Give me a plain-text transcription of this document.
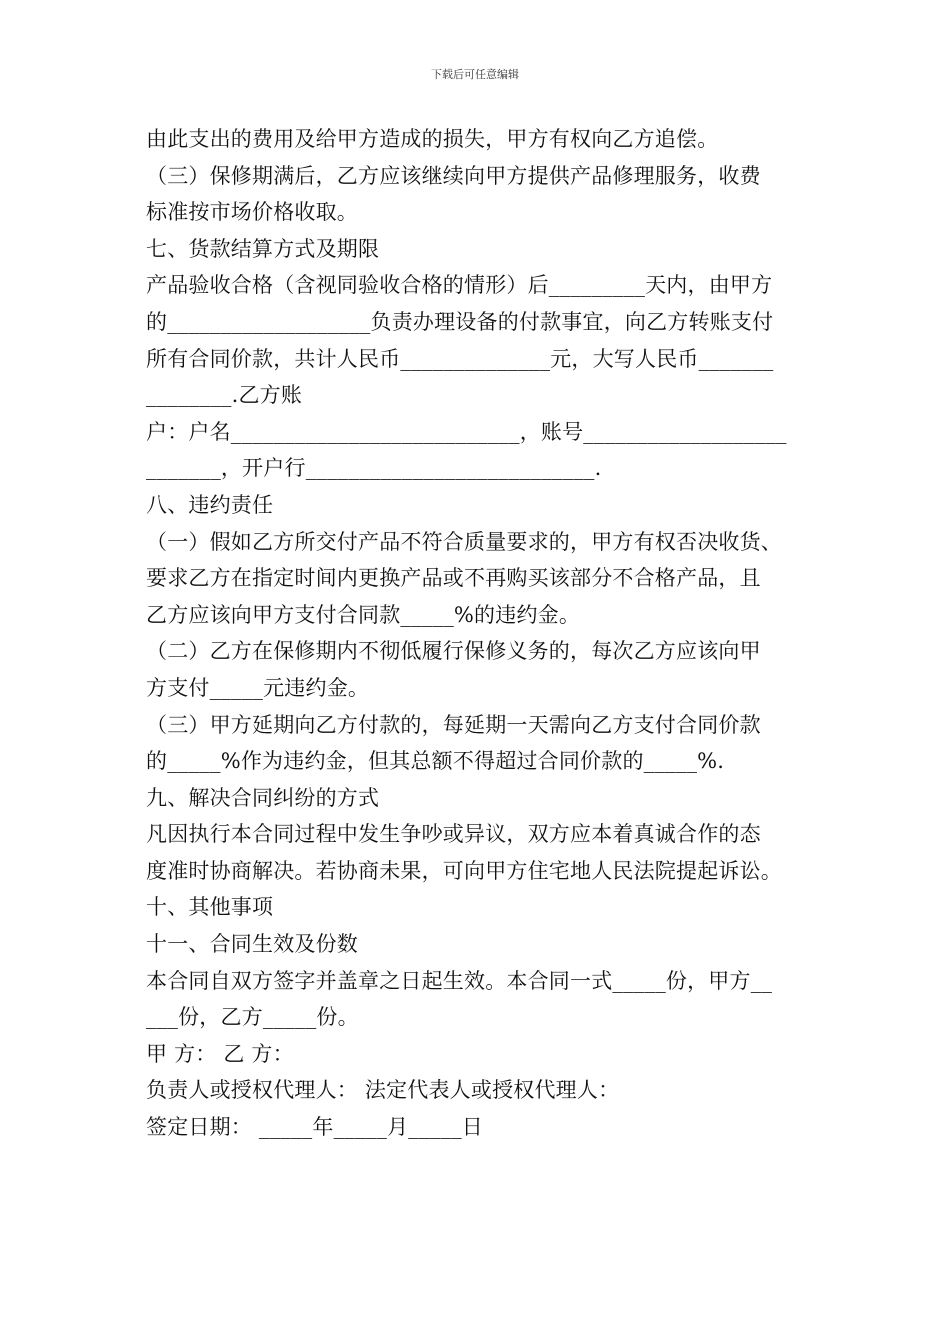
下载后可任意编辑

由此支出的费用及给甲方造成的损失，甲方有权向乙方追偿。

（三）保修期满后，乙方应该继续向甲方提供产品修理服务，收费

标准按市场价格收取。

七、货款结算方式及期限

产品验收合格（含视同验收合格的情形）后_________天内，由甲方

的___________________负责办理设备的付款事宜，向乙方转账支付

所有合同价款，共计人民币______________元，大写人民币_______

________.乙方账

户：户名___________________________，账号___________________

_______，开户行___________________________.

八、违约责任

（一）假如乙方所交付产品不符合质量要求的，甲方有权否决收货、

要求乙方在指定时间内更换产品或不再购买该部分不合格产品，且

乙方应该向甲方支付合同款_____%的违约金。

（二）乙方在保修期内不彻低履行保修义务的，每次乙方应该向甲

方支付_____元违约金。

（三）甲方延期向乙方付款的，每延期一天需向乙方支付合同价款

的_____%作为违约金，但其总额不得超过合同价款的_____%.

九、解决合同纠纷的方式

凡因执行本合同过程中发生争吵或异议，双方应本着真诚合作的态

度准时协商解决。若协商未果，可向甲方住宅地人民法院提起诉讼。

十、其他事项

十一、合同生效及份数

本合同自双方签字并盖章之日起生效。本合同一式_____份，甲方__

___份，乙方_____份。

甲 方： 乙 方：

负责人或授权代理人： 法定代表人或授权代理人：

签定日期： _____年_____月_____日
